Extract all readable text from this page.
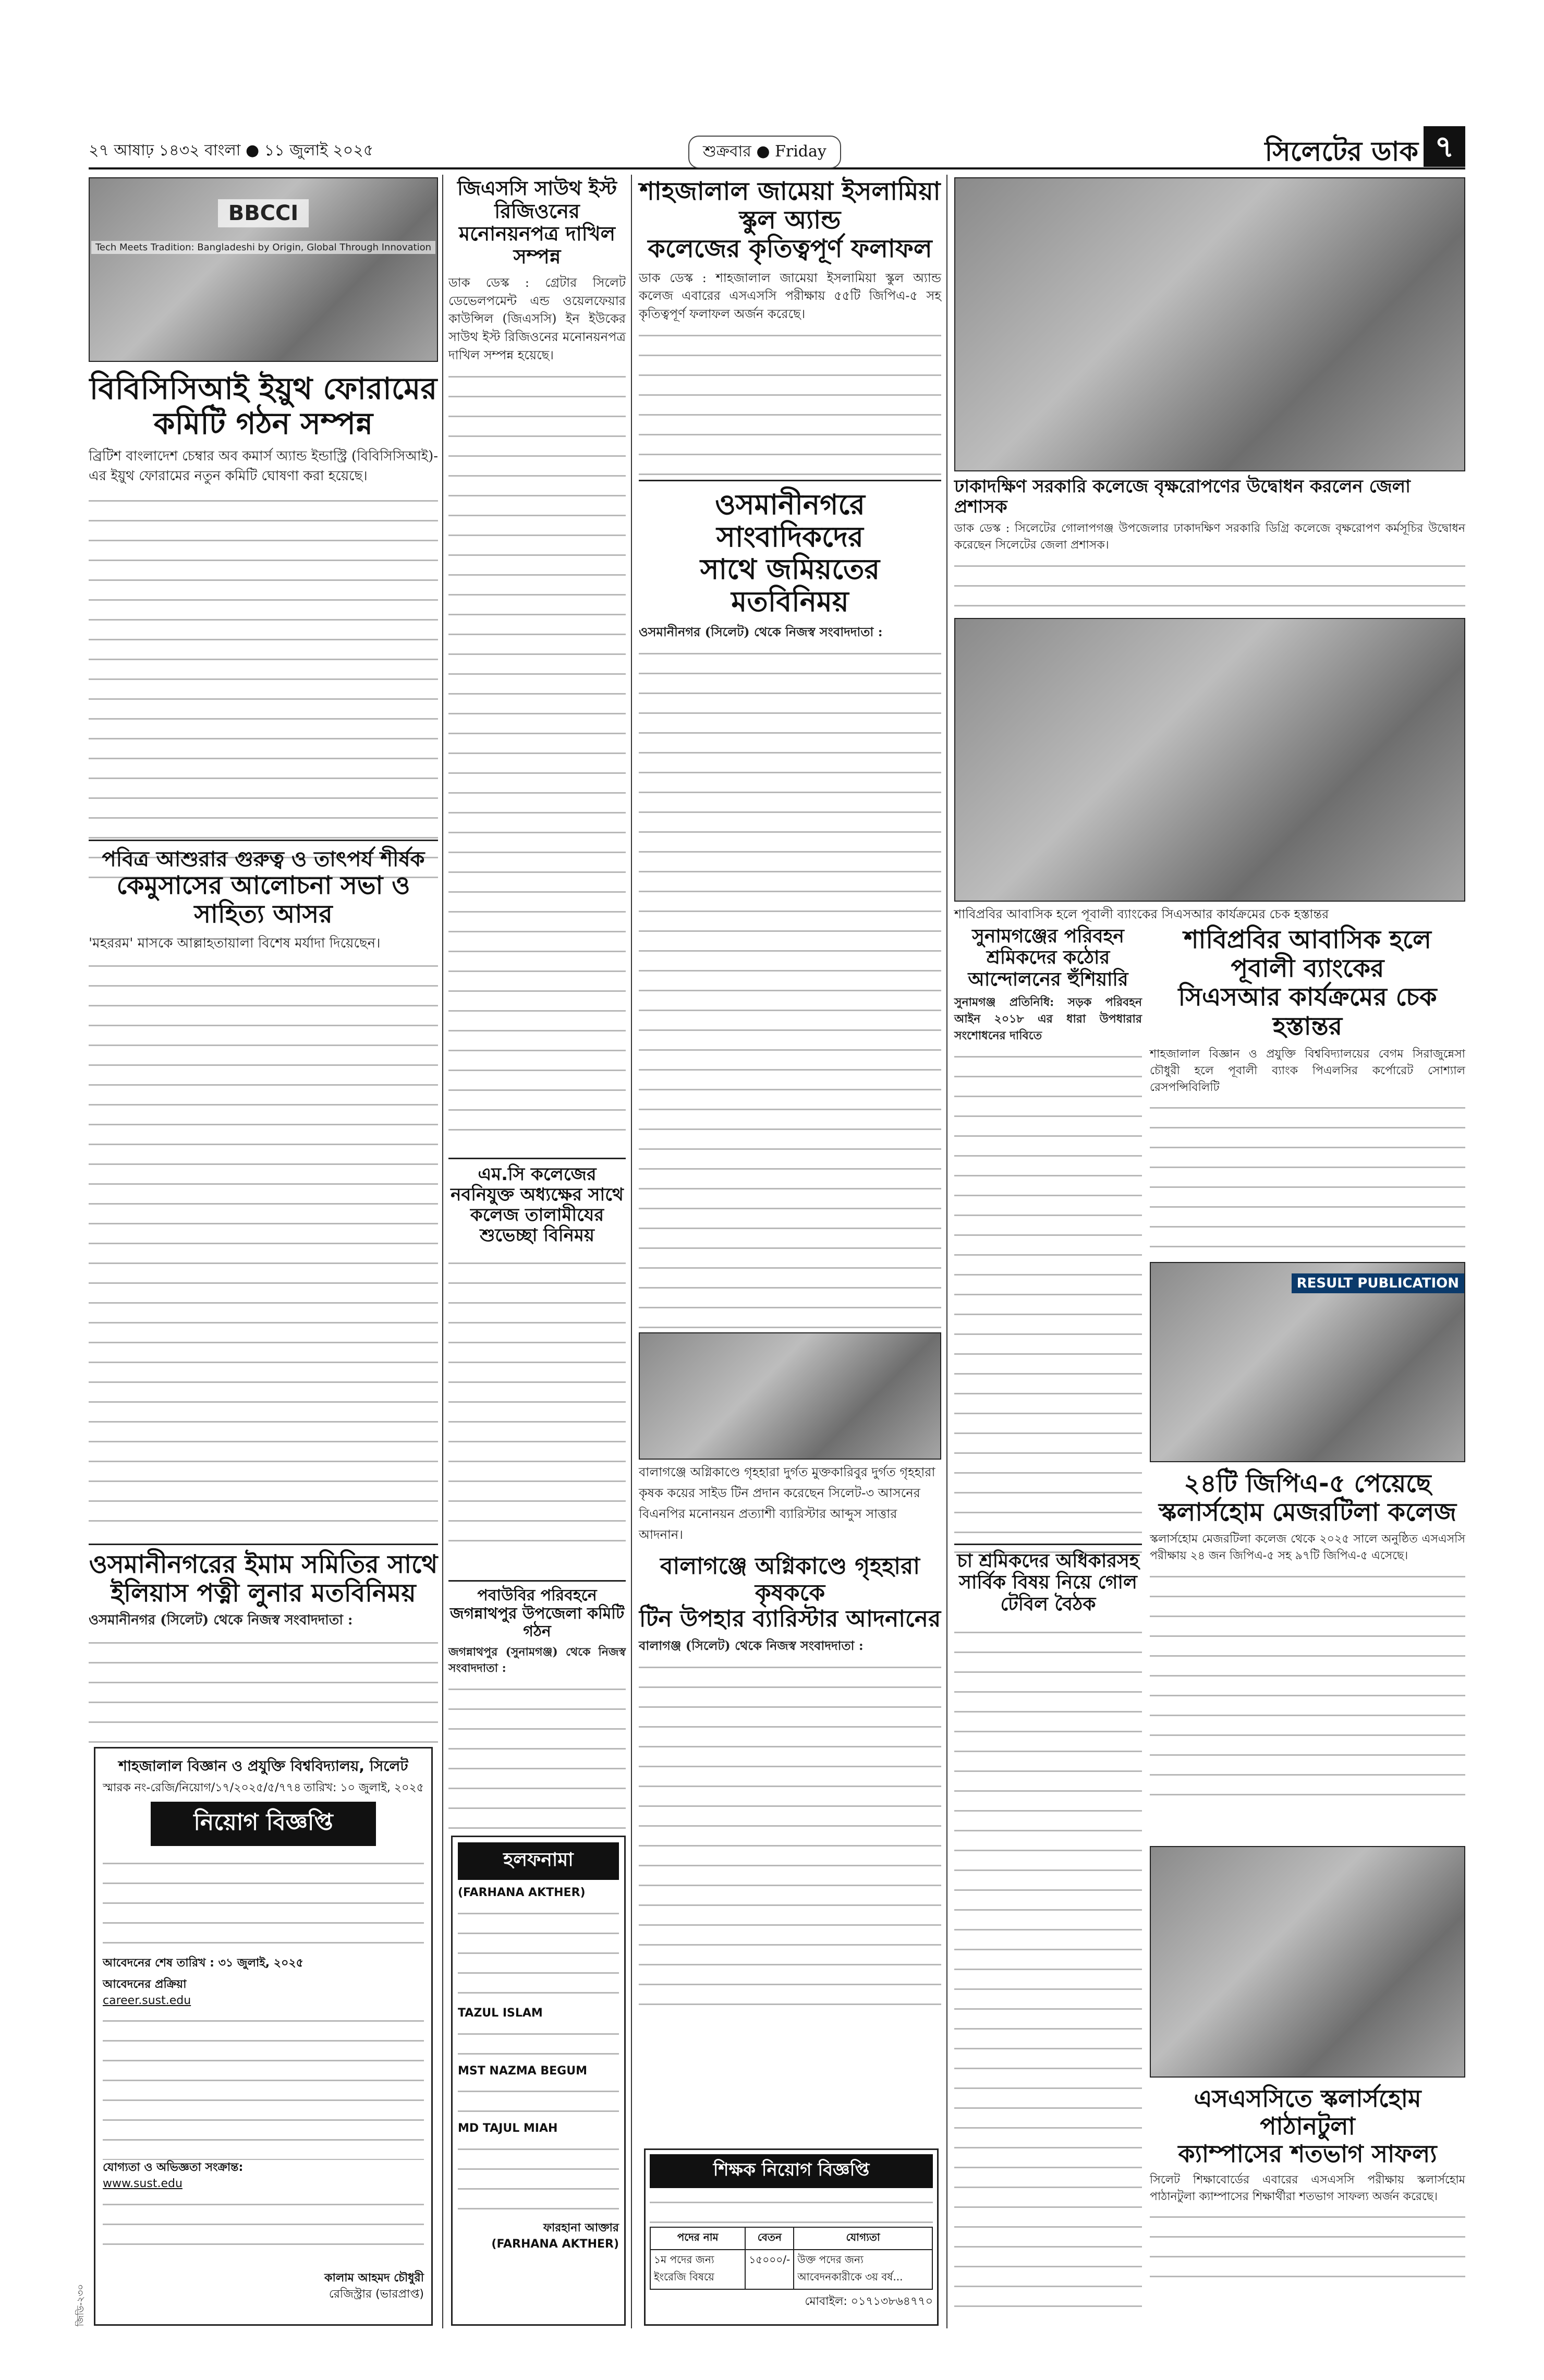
২৭ আষাঢ় ১৪৩২ বাংলা ● ১১ জুলাই ২০২৫	শুক্রবার ● Friday	সিলেটের ডাক ৭
BBCCI
Tech Meets Tradition: Bangladeshi by Origin, Global Through Innovation
বিবিসিসিআই ইয়ুথ ফোরামের
কমিটি গঠন সম্পন্ন
ব্রিটিশ বাংলাদেশ চেম্বার অব কমার্স অ্যান্ড ইন্ডাস্ট্রি (বিবিসিসিআই)-এর ইয়ুথ ফোরামের নতুন কমিটি ঘোষণা করা হয়েছে।
পবিত্র আশুরার গুরুত্ব ও তাৎপর্য শীর্ষক
কেমুসাসের আলোচনা সভা ও সাহিত্য আসর
'মহররম' মাসকে আল্লাহতায়ালা বিশেষ মর্যাদা দিয়েছেন।
ওসমানীনগরের ইমাম সমিতির সাথে
ইলিয়াস পত্নী লুনার মতবিনিময়
ওসমানীনগর (সিলেট) থেকে নিজস্ব সংবাদদাতা :
শাহজালাল বিজ্ঞান ও প্রযুক্তি বিশ্ববিদ্যালয়, সিলেট
স্মারক নং-রেজি/নিয়োগ/১৭/২০২৫/৫/৭৭৪ তারিখ: ১০ জুলাই, ২০২৫
নিয়োগ বিজ্ঞপ্তি
আবেদনের শেষ তারিখ : ৩১ জুলাই, ২০২৫
আবেদনের প্রক্রিয়া
career.sust.edu
যোগ্যতা ও অভিজ্ঞতা সংক্রান্ত:
www.sust.edu
কালাম আহমদ চৌধুরী
রেজিস্ট্রার (ভারপ্রাপ্ত)
জিডি-২৩০
জিএসসি সাউথ ইস্ট রিজিওনের মনোনয়নপত্র দাখিল সম্পন্ন
ডাক ডেস্ক : গ্রেটার সিলেট ডেভেলপমেন্ট এন্ড ওয়েলফেয়ার কাউন্সিল (জিএসসি) ইন ইউকের সাউথ ইস্ট রিজিওনের মনোনয়নপত্র দাখিল সম্পন্ন হয়েছে।
এম.সি কলেজের নবনিযুক্ত অধ্যক্ষের সাথে কলেজ তালামীযের শুভেচ্ছা বিনিময়
পবাউবির পরিবহনে জগন্নাথপুর উপজেলা কমিটি গঠন
জগন্নাথপুর (সুনামগঞ্জ) থেকে নিজস্ব সংবাদদাতা :
হলফনামা
(FARHANA AKTHER)
TAZUL ISLAM
MST NAZMA BEGUM
MD TAJUL MIAH
ফারহানা আক্তার
(FARHANA AKTHER)
শাহজালাল জামেয়া ইসলামিয়া স্কুল অ্যান্ড
কলেজের কৃতিত্বপূর্ণ ফলাফল
ডাক ডেস্ক : শাহজালাল জামেয়া ইসলামিয়া স্কুল অ্যান্ড কলেজ এবারের এসএসসি পরীক্ষায় ৫৫টি জিপিএ-৫ সহ কৃতিত্বপূর্ণ ফলাফল অর্জন করেছে।
ওসমানীনগরে সাংবাদিকদের
সাথে জমিয়তের মতবিনিময়
ওসমানীনগর (সিলেট) থেকে নিজস্ব সংবাদদাতা :
বালাগঞ্জে অগ্নিকাণ্ডে গৃহহারা দুর্গত মুক্তকারিবুর দুর্গত গৃহহারা কৃষক কয়ের সাইড টিন প্রদান করেছেন সিলেট-৩ আসনের বিএনপির মনোনয়ন প্রত্যাশী ব্যারিস্টার আব্দুস সাত্তার আদনান।
বালাগঞ্জে অগ্নিকাণ্ডে গৃহহারা কৃষককে
টিন উপহার ব্যারিস্টার আদনানের
বালাগঞ্জ (সিলেট) থেকে নিজস্ব সংবাদদাতা :
শিক্ষক নিয়োগ বিজ্ঞপ্তি
পদের নাম	বেতন	যোগ্যতা
১ম পদের জন্য ইংরেজি বিষয়ে	১৫০০০/-	উক্ত পদের জন্য আবেদনকারীকে ৩য় বর্ষ...
মোবাইল: ০১৭১৩৮৬৪৭৭০
ঢাকাদক্ষিণ সরকারি কলেজে বৃক্ষরোপণের উদ্বোধন করলেন জেলা প্রশাসক
ডাক ডেস্ক : সিলেটের গোলাপগঞ্জ উপজেলার ঢাকাদক্ষিণ সরকারি ডিগ্রি কলেজে বৃক্ষরোপণ কর্মসূচির উদ্বোধন করেছেন সিলেটের জেলা প্রশাসক।
শাবিপ্রবির আবাসিক হলে পূবালী ব্যাংকের সিএসআর কার্যক্রমের চেক হস্তান্তর
সুনামগঞ্জের পরিবহন শ্রমিকদের কঠোর আন্দোলনের হুঁশিয়ারি
সুনামগঞ্জ প্রতিনিধি: সড়ক পরিবহন আইন ২০১৮ এর ধারা উপধারার সংশোধনের দাবিতে
চা শ্রমিকদের অধিকারসহ সার্বিক বিষয় নিয়ে গোল টেবিল বৈঠক
শাবিপ্রবির আবাসিক হলে পূবালী ব্যাংকের
সিএসআর কার্যক্রমের চেক হস্তান্তর
শাহজালাল বিজ্ঞান ও প্রযুক্তি বিশ্ববিদ্যালয়ের বেগম সিরাজুন্নেসা চৌধুরী হলে পূবালী ব্যাংক পিএলসির কর্পোরেট সোশ্যাল রেসপন্সিবিলিটি
RESULT PUBLICATION
২৪টি জিপিএ-৫ পেয়েছে
স্কলার্সহোম মেজরটিলা কলেজ
স্কলার্সহোম মেজরটিলা কলেজ থেকে ২০২৫ সালে অনুষ্ঠিত এসএসসি পরীক্ষায় ২৪ জন জিপিএ-৫ সহ ৯৭টি জিপিএ-৫ এসেছে।
এসএসসিতে স্কলার্সহোম পাঠানটুলা
ক্যাম্পাসের শতভাগ সাফল্য
সিলেট শিক্ষাবোর্ডের এবারের এসএসসি পরীক্ষায় স্কলার্সহোম পাঠানটুলা ক্যাম্পাসের শিক্ষার্থীরা শতভাগ সাফল্য অর্জন করেছে।
